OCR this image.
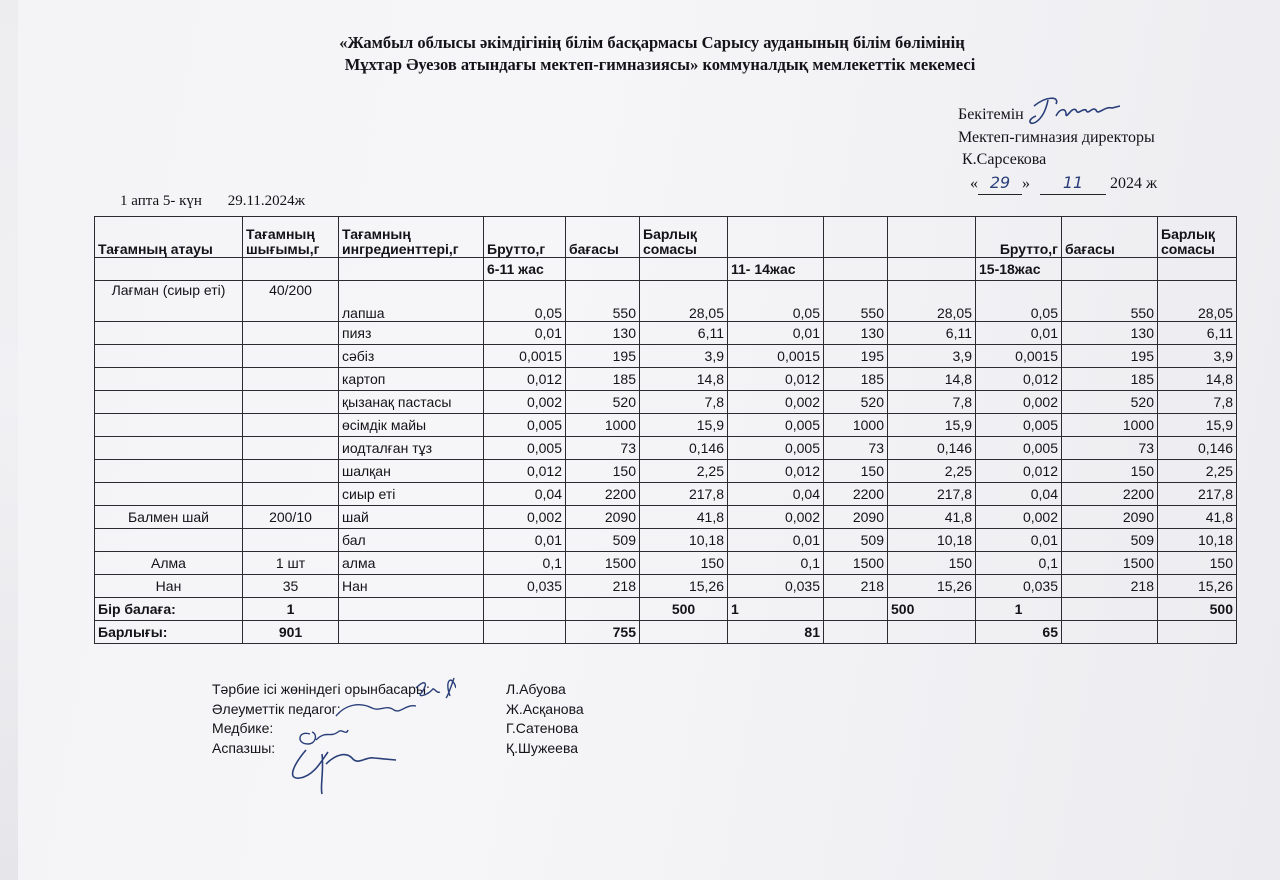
«Жамбыл облысы әкімдігінің білім басқармасы Сарысу ауданының білім бөлімінің
Мұхтар Әуезов атындағы мектеп-гимназиясы» коммуналдық мемлекеттік мекемесі
Бекітемін
Мектеп-гимназия директоры
К.Сарсекова
« 29 » 11 2024 ж
1 апта 5- күн 29.11.2024ж
Тағамның атауы	Тағамның шығымы,г	Тағамның ингредиенттері,г	Брутто,г	бағасы	Барлық сомасы				Брутто,г	бағасы	Барлық сомасы
			6-11 жас			11- 14жас			15-18жас		
Лағман (сиыр еті)	40/200	лапша	0,05	550	28,05	0,05	550	28,05	0,05	550	28,05
		пияз	0,01	130	6,11	0,01	130	6,11	0,01	130	6,11
		сәбіз	0,0015	195	3,9	0,0015	195	3,9	0,0015	195	3,9
		картоп	0,012	185	14,8	0,012	185	14,8	0,012	185	14,8
		қызанақ пастасы	0,002	520	7,8	0,002	520	7,8	0,002	520	7,8
		өсімдік майы	0,005	1000	15,9	0,005	1000	15,9	0,005	1000	15,9
		иодталған тұз	0,005	73	0,146	0,005	73	0,146	0,005	73	0,146
		шалқан	0,012	150	2,25	0,012	150	2,25	0,012	150	2,25
		сиыр еті	0,04	2200	217,8	0,04	2200	217,8	0,04	2200	217,8
Балмен шай	200/10	шай	0,002	2090	41,8	0,002	2090	41,8	0,002	2090	41,8
		бал	0,01	509	10,18	0,01	509	10,18	0,01	509	10,18
Алма	1 шт	алма	0,1	1500	150	0,1	1500	150	0,1	1500	150
Нан	35	Нан	0,035	218	15,26	0,035	218	15,26	0,035	218	15,26
Бір балаға:	1				500	1		500	1		500
Барлығы:	901			755		81			65		
Тәрбие ісі жөніндегі орынбасары:	Л.Абуова
Әлеуметтік педагог:	Ж.Асқанова
Медбике:	Г.Сатенова
Аспазшы:	Қ.Шужеева
